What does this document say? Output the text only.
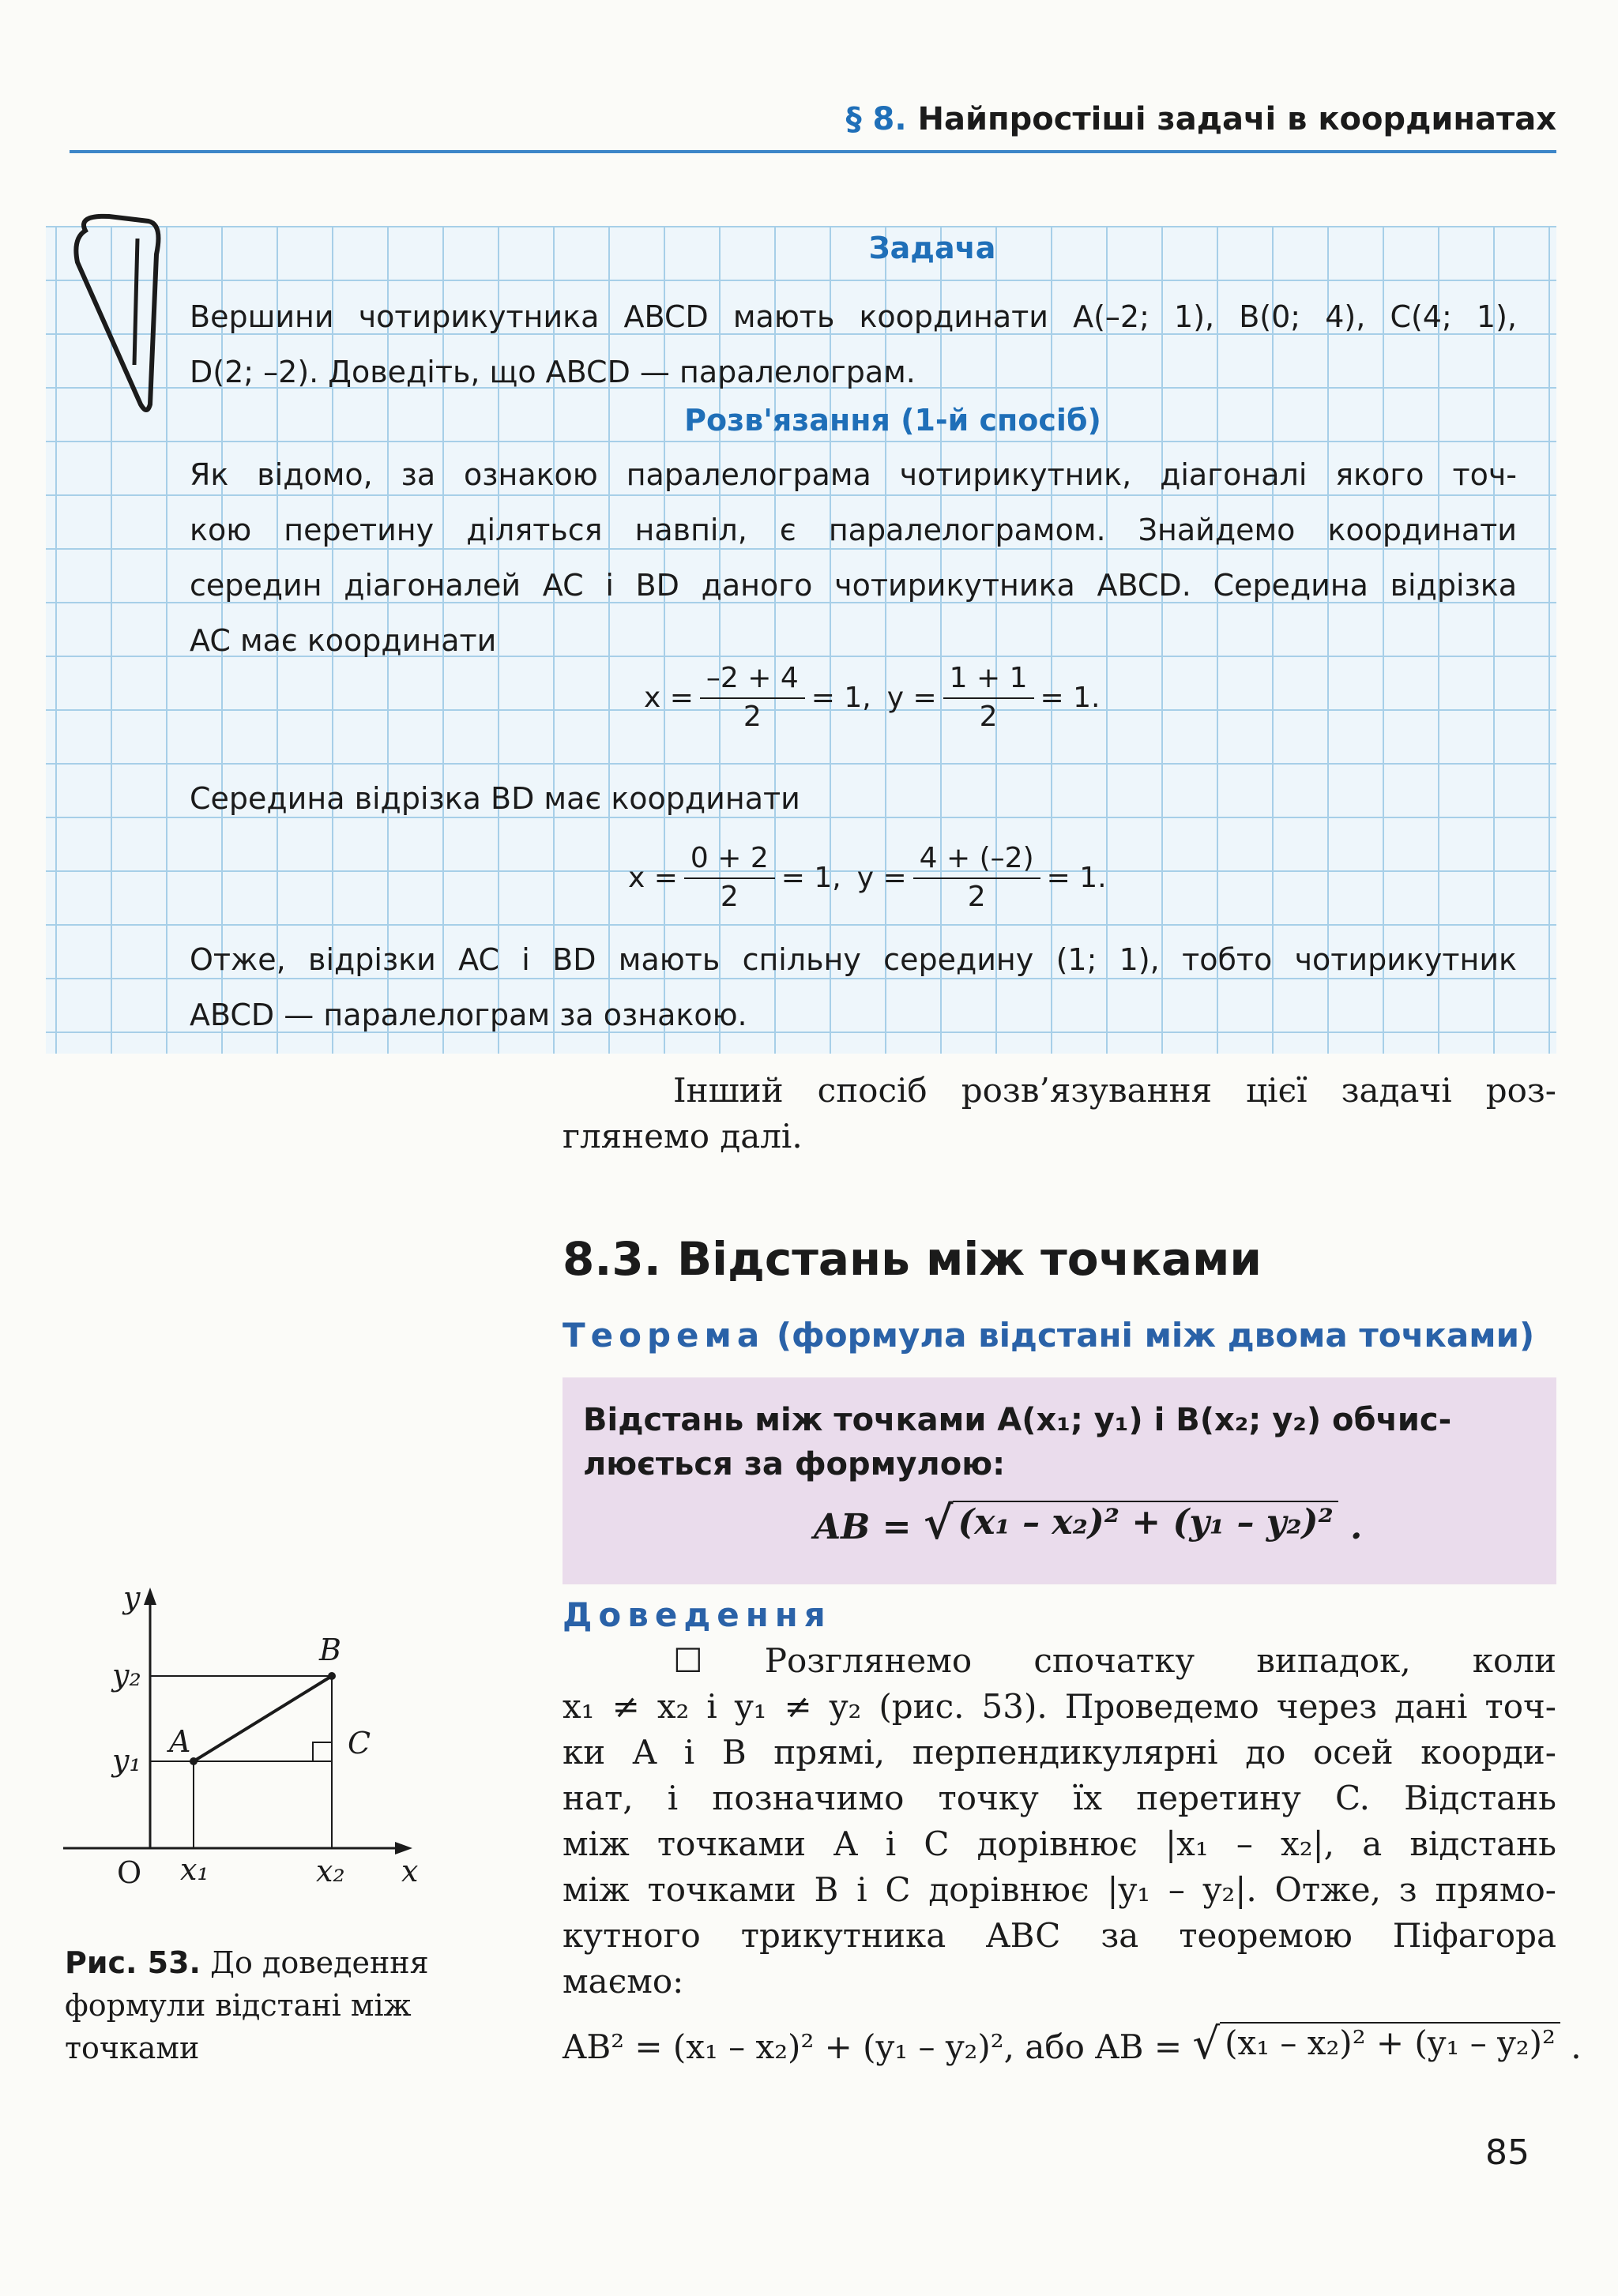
§ 8. Найпростіші задачі в координатах
Задача
Вершини чотирикутника ABCD мають координати A(–2; 1), B(0; 4), C(4; 1),
D(2; –2). Доведіть, що ABCD — паралелограм.
Розв'язання (1-й спосіб)
Як відомо, за ознакою паралелограма чотирикутник, діагоналі якого точ-
кою перетину діляться навпіл, є паралелограмом. Знайдемо координати
середин діагоналей AC і BD даного чотирикутника ABCD. Середина відрізка
AC має координати
$x = \frac{-2 + 4}{2} = 1$, $y = \frac{1 + 1}{2} = 1$.
Середина відрізка BD має координати
$x = \frac{0 + 2}{2} = 1$, $y = \frac{4 + (-2)}{2} = 1$.
Отже, відрізки AC і BD мають спільну середину (1; 1), тобто чотирикутник
ABCD — паралелограм за ознакою.
Інший спосіб розв’язування цієї задачі роз-
глянемо далі.
8.3. Відстань між точками
Теорема (формула відстані між двома точками)
Відстань між точками A(x₁; y₁) і B(x₂; y₂) обчис-
люється за формулою:
AB = √ (x₁ – x₂)² + (y₁ – y₂)² .
Доведення
☐ Розглянемо спочатку випадок, коли
x₁ ≠ x₂ і y₁ ≠ y₂ (рис. 53). Проведемо через дані точ-
ки A і B прямі, перпендикулярні до осей коорди-
нат, і позначимо точку їх перетину C. Відстань
між точками A і C дорівнює |x₁ – x₂|, а відстань
між точками B і C дорівнює |y₁ – y₂|. Отже, з прямо-
кутного трикутника ABC за теоремою Піфагора
маємо:
AB² = (x₁ – x₂)² + (y₁ – y₂)², або AB = √ (x₁ – x₂)² + (y₁ – y₂)² .
y
x
O
y₂
y₁
x₁	x₂
A
B
C
Рис. 53. До доведення формули відстані між точками
85
